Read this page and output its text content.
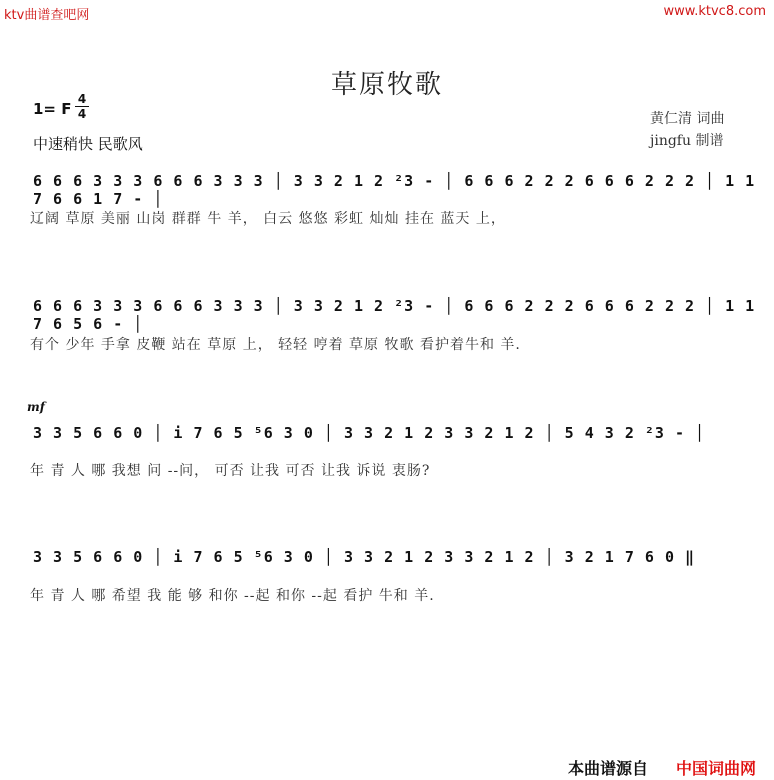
ktv曲谱查吧网	www.ktvc8.com
草原牧歌
1= F
4
4
中速稍快 民歌风
黄仁清 词曲
jingfu 制谱
6 6 6 3 3 3 6 6 6 3 3 3 │ 3 3 2 1 2 ²3 - │ 6 6 6 2 2 2 6 6 6 2 2 2 │ 1 1 7 6 6 1 7 - │
辽阔 草原 美丽 山岗 群群 牛 羊， 白云 悠悠 彩虹 灿灿 挂在 蓝天 上，
6 6 6 3 3 3 6 6 6 3 3 3 │ 3 3 2 1 2 ²3 - │ 6 6 6 2 2 2 6 6 6 2 2 2 │ 1 1 7 6 5 6 - │
有个 少年 手拿 皮鞭 站在 草原 上， 轻轻 哼着 草原 牧歌 看护着牛和 羊.
mf
3 3 5 6 6 0 │ i 7 6 5 ⁵6 3 0 │ 3 3 2 1 2 3 3 2 1 2 │ 5 4 3 2 ²3 - │
年 青 人 哪 我想 问 --问， 可否 让我 可否 让我 诉说 衷肠?
3 3 5 6 6 0 │ i 7 6 5 ⁵6 3 0 │ 3 3 2 1 2 3 3 2 1 2 │ 3 2 1 7 6 0 ‖
年 青 人 哪 希望 我 能 够 和你 --起 和你 --起 看护 牛和 羊.
本曲谱源自 中国词曲网
